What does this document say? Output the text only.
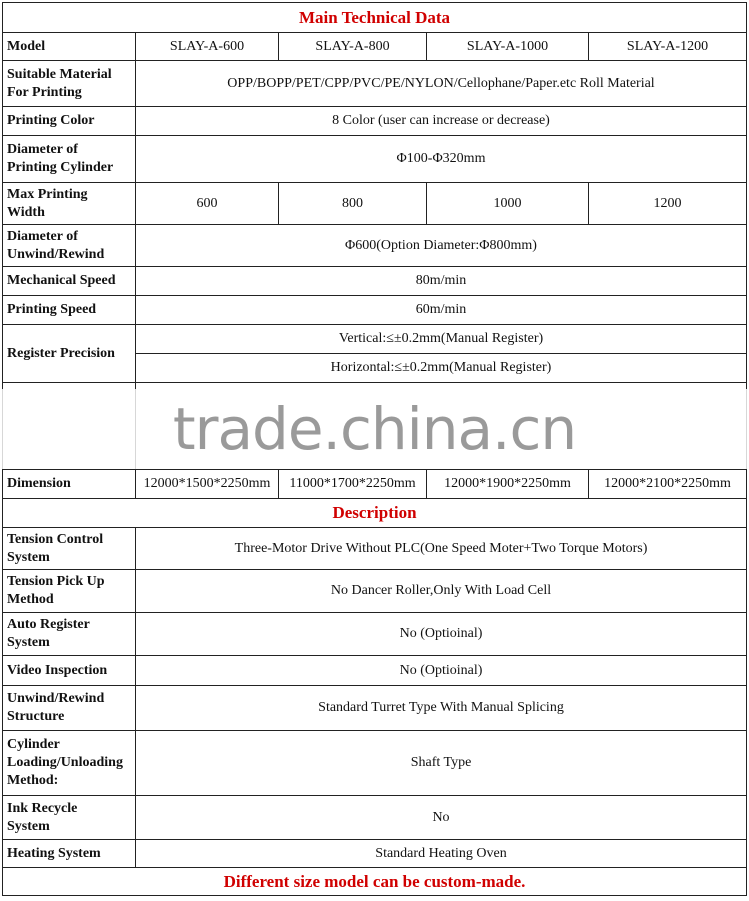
Main Technical Data				
Model	SLAY-A-600	SLAY-A-800	SLAY-A-1000	SLAY-A-1200
Suitable Material
For Printing	OPP/BOPP/PET/CPP/PVC/PE/NYLON/Cellophane/Paper.etc Roll Material			
Printing Color	8 Color (user can increase or decrease)			
Diameter of
Printing Cylinder	Φ100-Φ320mm			
Max Printing
Width	600	800	1000	1200
Diameter of
Unwind/Rewind	Φ600(Option Diameter:Φ800mm)			
Mechanical Speed	80m/min			
Printing Speed	60m/min			
Register Precision	Vertical:≤±0.2mm(Manual Register)			
	Horizontal:≤±0.2mm(Manual Register)			

Dimension	12000*1500*2250mm	11000*1700*2250mm	12000*1900*2250mm	12000*2100*2250mm
Description				
Tension Control
System	Three-Motor Drive Without PLC(One Speed Moter+Two Torque Motors)			
Tension Pick Up
Method	No Dancer Roller,Only With Load Cell			
Auto Register
System	No (Optioinal)			
Video Inspection	No (Optioinal)			
Unwind/Rewind
Structure	Standard Turret Type With Manual Splicing			
Cylinder
Loading/Unloading
Method:	Shaft Type			
Ink Recycle
System	No			
Heating System	Standard Heating Oven			
Different size model can be custom-made.				
trade.china.cn
